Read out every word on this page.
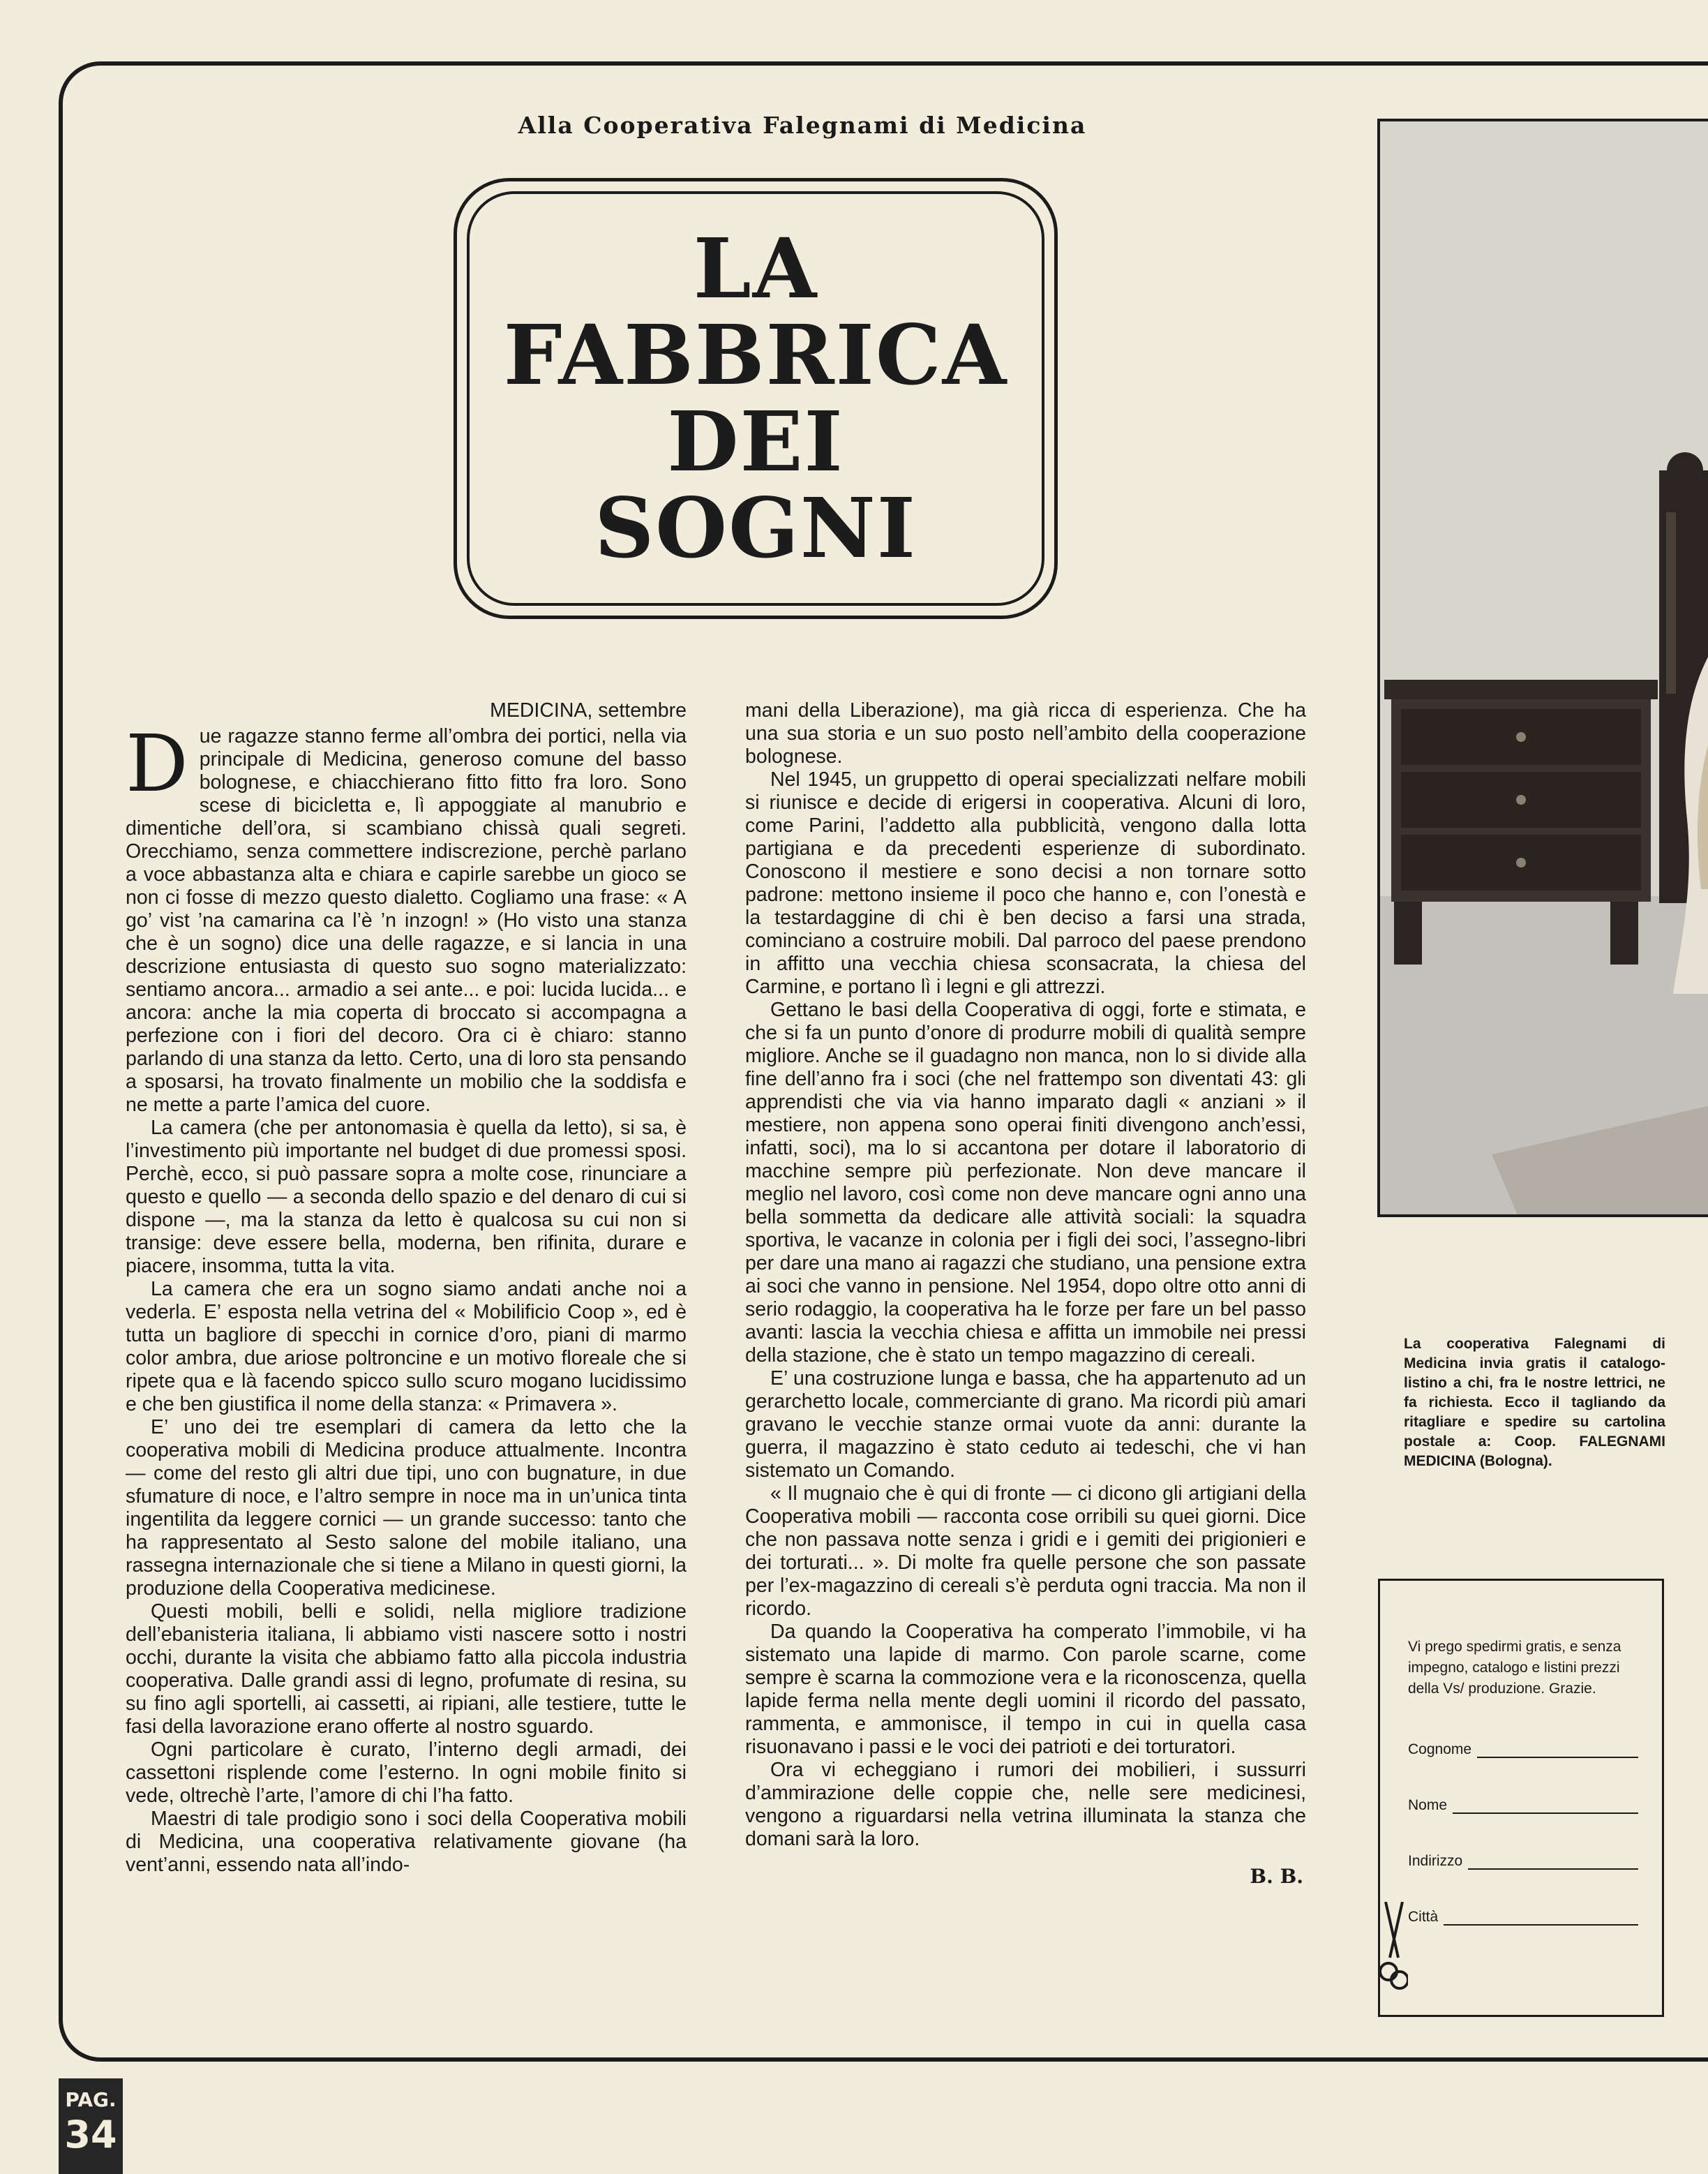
Alla Cooperativa Falegnami di Medicina
LA
FABBRICA
DEI
SOGNI
MEDICINA, settembre

Due ragazze stanno ferme all’ombra dei portici, nella via principale di Medicina, generoso comune del basso bolognese, e chiacchierano fitto fitto fra loro. Sono scese di bicicletta e, lì appoggiate al manubrio e dimentiche dell’ora, si scambiano chissà quali segreti. Orecchiamo, senza commettere indiscrezione, perchè parlano a voce abbastanza alta e chiara e capirle sarebbe un gioco se non ci fosse di mezzo questo dialetto. Cogliamo una frase: « A go’ vist ’na camarina ca l’è ’n inzogn! » (Ho visto una stanza che è un sogno) dice una delle ragazze, e si lancia in una descrizione entusiasta di questo suo sogno materializzato: sentiamo ancora... armadio a sei ante... e poi: lucida lucida... e ancora: anche la mia coperta di broccato si accompagna a perfezione con i fiori del decoro. Ora ci è chiaro: stanno parlando di una stanza da letto. Certo, una di loro sta pensando a sposarsi, ha trovato finalmente un mobilio che la soddisfa e ne mette a parte l’amica del cuore.

La camera (che per antonomasia è quella da letto), si sa, è l’investimento più importante nel budget di due promessi sposi. Perchè, ecco, si può passare sopra a molte cose, rinunciare a questo e quello — a seconda dello spazio e del denaro di cui si dispone —, ma la stanza da letto è qualcosa su cui non si transige: deve essere bella, moderna, ben rifinita, durare e piacere, insomma, tutta la vita.

La camera che era un sogno siamo andati anche noi a vederla. E’ esposta nella vetrina del « Mobilificio Coop », ed è tutta un bagliore di specchi in cornice d’oro, piani di marmo color ambra, due ariose poltroncine e un motivo floreale che si ripete qua e là facendo spicco sullo scuro mogano lucidissimo e che ben giustifica il nome della stanza: « Primavera ».

E’ uno dei tre esemplari di camera da letto che la cooperativa mobili di Medicina produce attualmente. Incontra — come del resto gli altri due tipi, uno con bugnature, in due sfumature di noce, e l’altro sempre in noce ma in un’unica tinta ingentilita da leggere cornici — un grande successo: tanto che ha rappresentato al Sesto salone del mobile italiano, una rassegna internazionale che si tiene a Milano in questi giorni, la produzione della Cooperativa medicinese.

Questi mobili, belli e solidi, nella migliore tradizione dell’ebanisteria italiana, li abbiamo visti nascere sotto i nostri occhi, durante la visita che abbiamo fatto alla piccola industria cooperativa. Dalle grandi assi di legno, profumate di resina, su su fino agli sportelli, ai cassetti, ai ripiani, alle testiere, tutte le fasi della lavorazione erano offerte al nostro sguardo.

Ogni particolare è curato, l’interno degli armadi, dei cassettoni risplende come l’esterno. In ogni mobile finito si vede, oltrechè l’arte, l’amore di chi l’ha fatto.

Maestri di tale prodigio sono i soci della Cooperativa mobili di Medicina, una cooperativa relativamente giovane (ha vent’anni, essendo nata all’indo-

mani della Liberazione), ma già ricca di esperienza. Che ha una sua storia e un suo posto nell’ambito della cooperazione bolognese.

Nel 1945, un gruppetto di operai specializzati nelfare mobili si riunisce e decide di erigersi in cooperativa. Alcuni di loro, come Parini, l’addetto alla pubblicità, vengono dalla lotta partigiana e da precedenti esperienze di subordinato. Conoscono il mestiere e sono decisi a non tornare sotto padrone: mettono insieme il poco che hanno e, con l’onestà e la testardaggine di chi è ben deciso a farsi una strada, cominciano a costruire mobili. Dal parroco del paese prendono in affitto una vecchia chiesa sconsacrata, la chiesa del Carmine, e portano lì i legni e gli attrezzi.

Gettano le basi della Cooperativa di oggi, forte e stimata, e che si fa un punto d’onore di produrre mobili di qualità sempre migliore. Anche se il guadagno non manca, non lo si divide alla fine dell’anno fra i soci (che nel frattempo son diventati 43: gli apprendisti che via via hanno imparato dagli « anziani » il mestiere, non appena sono operai finiti divengono anch’essi, infatti, soci), ma lo si accantona per dotare il laboratorio di macchine sempre più perfezionate. Non deve mancare il meglio nel lavoro, così come non deve mancare ogni anno una bella sommetta da dedicare alle attività sociali: la squadra sportiva, le vacanze in colonia per i figli dei soci, l’assegno-libri per dare una mano ai ragazzi che studiano, una pensione extra ai soci che vanno in pensione. Nel 1954, dopo oltre otto anni di serio rodaggio, la cooperativa ha le forze per fare un bel passo avanti: lascia la vecchia chiesa e affitta un immobile nei pressi della stazione, che è stato un tempo magazzino di cereali.

E’ una costruzione lunga e bassa, che ha appartenuto ad un gerarchetto locale, commerciante di grano. Ma ricordi più amari gravano le vecchie stanze ormai vuote da anni: durante la guerra, il magazzino è stato ceduto ai tedeschi, che vi han sistemato un Comando.

« Il mugnaio che è qui di fronte — ci dicono gli artigiani della Cooperativa mobili — racconta cose orribili su quei giorni. Dice che non passava notte senza i gridi e i gemiti dei prigionieri e dei torturati... ». Di molte fra quelle persone che son passate per l’ex-magazzino di cereali s’è perduta ogni traccia. Ma non il ricordo.

Da quando la Cooperativa ha comperato l’immobile, vi ha sistemato una lapide di marmo. Con parole scarne, come sempre è scarna la commozione vera e la riconoscenza, quella lapide ferma nella mente degli uomini il ricordo del passato, rammenta, e ammonisce, il tempo in cui in quella casa risuonavano i passi e le voci dei patrioti e dei torturatori.

Ora vi echeggiano i rumori dei mobilieri, i sussurri d’ammirazione delle coppie che, nelle sere medicinesi, vengono a riguardarsi nella vetrina illuminata la stanza che domani sarà la loro.

B. B.
La cooperativa Falegnami di Medicina invia gratis il catalogo-listino a chi, fra le nostre lettrici, ne fa richiesta. Ecco il tagliando da ritagliare e spedire su cartolina postale a: Coop. FALEGNAMI MEDICINA (Bologna).
Vi prego spedirmi gratis, e senza impegno, catalogo e listini prezzi della Vs/ produzione. Grazie.
Cognome
Nome
Indirizzo
Città
PAG.
34
